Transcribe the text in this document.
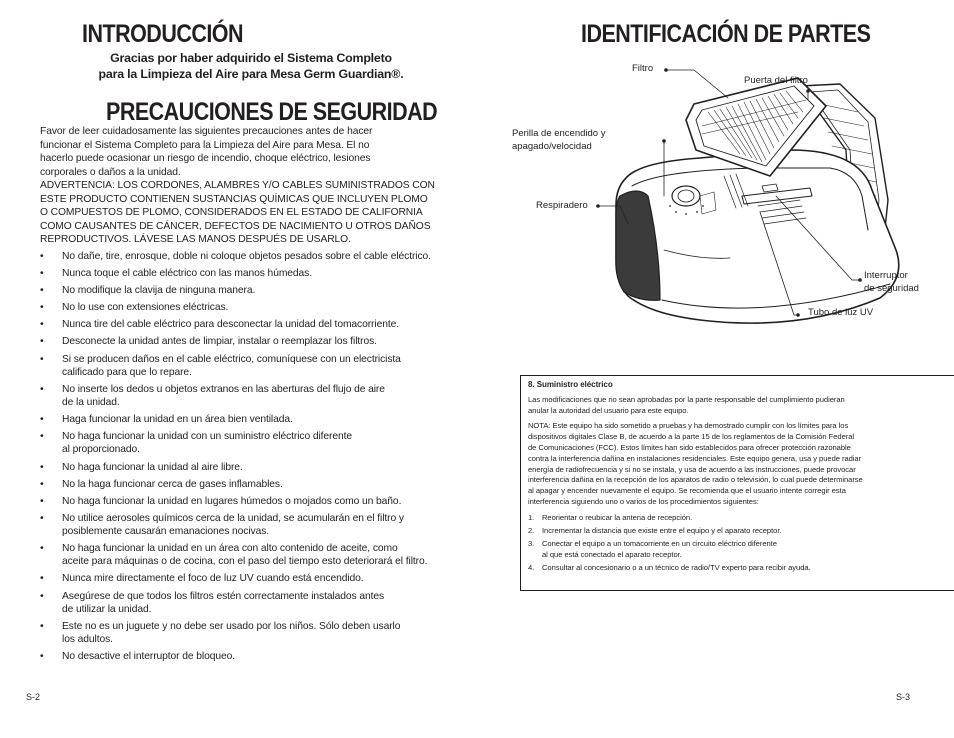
INTRODUCCIÓN
Gracias por haber adquirido el Sistema Completo
para la Limpieza del Aire para Mesa Germ Guardian®.
PRECAUCIONES DE SEGURIDAD

Favor de leer cuidadosamente las siguientes precauciones antes de hacer
funcionar el Sistema Completo para la Limpieza del Aire para Mesa. El no
hacerlo puede ocasionar un riesgo de incendio, choque eléctrico, lesiones
corporales o daños a la unidad.

ADVERTENCIA: LOS CORDONES, ALAMBRES Y/O CABLES SUMINISTRADOS CON
ESTE PRODUCTO CONTIENEN SUSTANCIAS QUÍMICAS QUE INCLUYEN PLOMO
O COMPUESTOS DE PLOMO, CONSIDERADOS EN EL ESTADO DE CALIFORNIA
COMO CAUSANTES DE CÁNCER, DEFECTOS DE NACIMIENTO U OTROS DAÑOS
REPRODUCTIVOS. LÁVESE LAS MANOS DESPUÉS DE USARLO.

• No dañe, tire, enrosque, doble ni coloque objetos pesados sobre el cable eléctrico.
• Nunca toque el cable eléctrico con las manos húmedas.
• No modifique la clavija de ninguna manera.
• No lo use con extensiones eléctricas.
• Nunca tire del cable eléctrico para desconectar la unidad del tomacorriente.
• Desconecte la unidad antes de limpiar, instalar o reemplazar los filtros.
• Si se producen daños en el cable eléctrico, comuníquese con un electricista
calificado para que lo repare.
• No inserte los dedos u objetos extranos en las aberturas del flujo de aire
de la unidad.
• Haga funcionar la unidad en un área bien ventilada.
• No haga funcionar la unidad con un suministro eléctrico diferente
al proporcionado.
• No haga funcionar la unidad al aire libre.
• No la haga funcionar cerca de gases inflamables.
• No haga funcionar la unidad en lugares húmedos o mojados como un baño.
• No utilice aerosoles químicos cerca de la unidad, se acumularán en el filtro y
posiblemente causarán emanaciones nocivas.
• No haga funcionar la unidad en un área con alto contenido de aceite, como
aceite para máquinas o de cocina, con el paso del tiempo esto deteriorará el filtro.
• Nunca mire directamente el foco de luz UV cuando está encendido.
• Asegúrese de que todos los filtros estén correctamente instalados antes
de utilizar la unidad.
• Este no es un juguete y no debe ser usado por los niños. Sólo deben usarlo
los adultos.
• No desactive el interruptor de bloqueo.
S-2
IDENTIFICACIÓN DE PARTES
Filtro
Puerta del filtro
Perilla de encendido y
apagado/velocidad
Respiradero
Interruptor
de seguridad
Tubo de luz UV
8. Suministro eléctrico

Las modificaciones que no sean aprobadas por la parte responsable del cumplimiento pudieran
anular la autoridad del usuario para este equipo.

NOTA: Este equipo ha sido sometido a pruebas y ha demostrado cumplir con los límites para los
dispositivos digitales Clase B, de acuerdo a la parte 15 de los reglamentos de la Comisión Federal
de Comunicaciones (FCC). Estos límites han sido establecidos para ofrecer protección razonable
contra la interferencia dañina en instalaciones residenciales. Este equipo genera, usa y puede radiar
energía de radiofrecuencia y si no se instala, y usa de acuerdo a las instrucciones, puede provocar
interferencia dañina en la recepción de los aparatos de radio o televisión, lo cual puede determinarse
al apagar y encender nuevamente el equipo. Se recomienda que el usuario intente corregir esta
interferencia siguiendo uno o varios de los procedimientos siguientes:

1. Reorientar o reubicar la antena de recepción.
2. Incrementar la distancia que existe entre el equipo y el aparato receptor.
3. Conectar el equipo a un tomacorriente en un circuito eléctrico diferente
al que está conectado el aparato receptor.
4. Consultar al concesionario o a un técnico de radio/TV experto para recibir ayuda.
S-3
